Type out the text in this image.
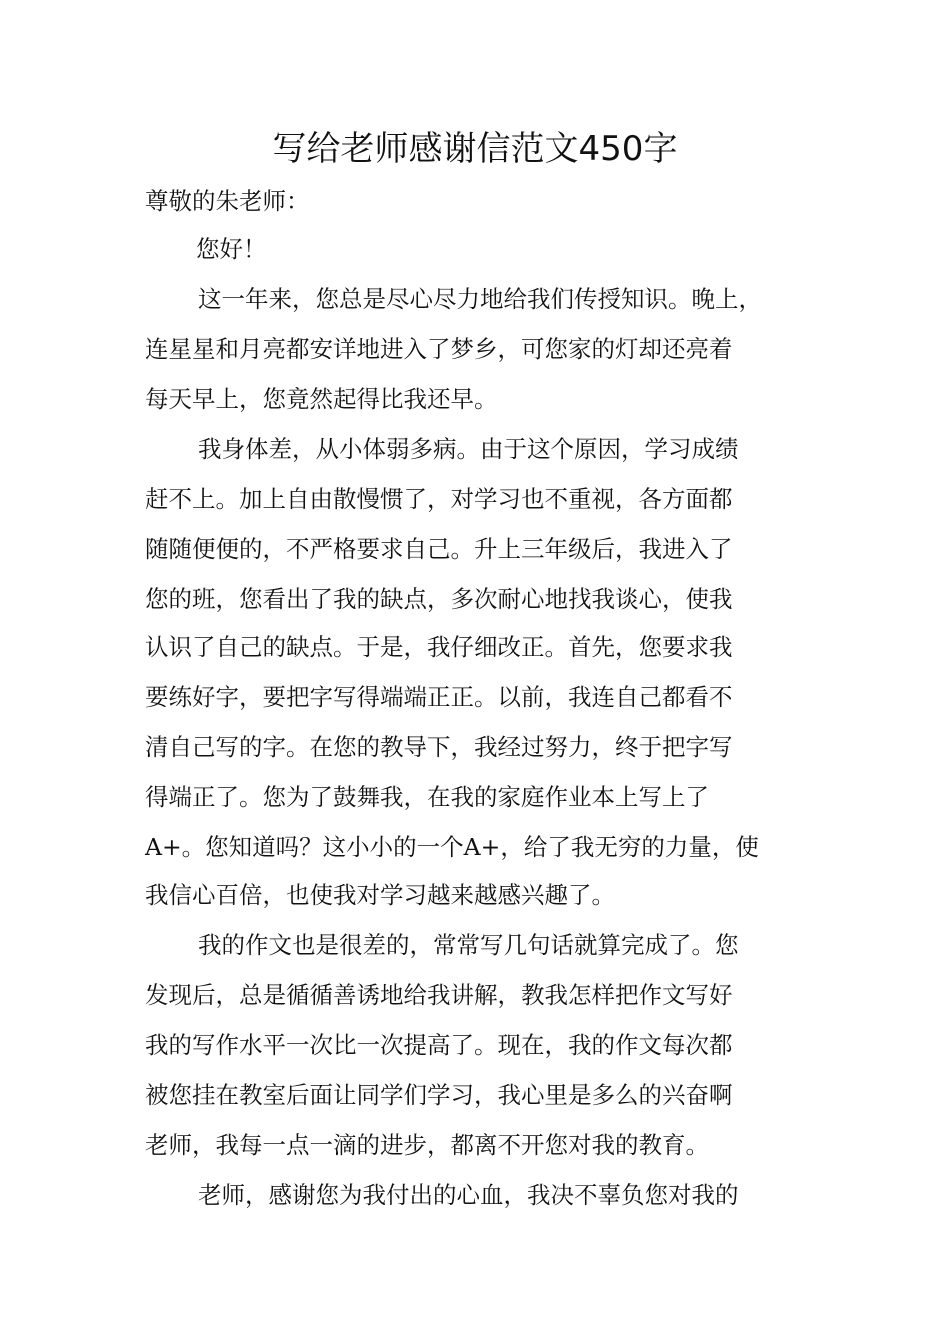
写给老师感谢信范文450字
尊敬的朱老师：
您好！
这一年来，您总是尽心尽力地给我们传授知识。晚上，
连星星和月亮都安详地进入了梦乡，可您家的灯却还亮着
每天早上，您竟然起得比我还早。
我身体差，从小体弱多病。由于这个原因，学习成绩
赶不上。加上自由散慢惯了，对学习也不重视，各方面都
随随便便的，不严格要求自己。升上三年级后，我进入了
您的班，您看出了我的缺点，多次耐心地找我谈心，使我
认识了自己的缺点。于是，我仔细改正。首先，您要求我
要练好字，要把字写得端端正正。以前，我连自己都看不
清自己写的字。在您的教导下，我经过努力，终于把字写
得端正了。您为了鼓舞我，在我的家庭作业本上写上了
A+。您知道吗？这小小的一个A+，给了我无穷的力量，使
我信心百倍，也使我对学习越来越感兴趣了。
我的作文也是很差的，常常写几句话就算完成了。您
发现后，总是循循善诱地给我讲解，教我怎样把作文写好
我的写作水平一次比一次提高了。现在，我的作文每次都
被您挂在教室后面让同学们学习，我心里是多么的兴奋啊
老师，我每一点一滴的进步，都离不开您对我的教育。
老师，感谢您为我付出的心血，我决不辜负您对我的
